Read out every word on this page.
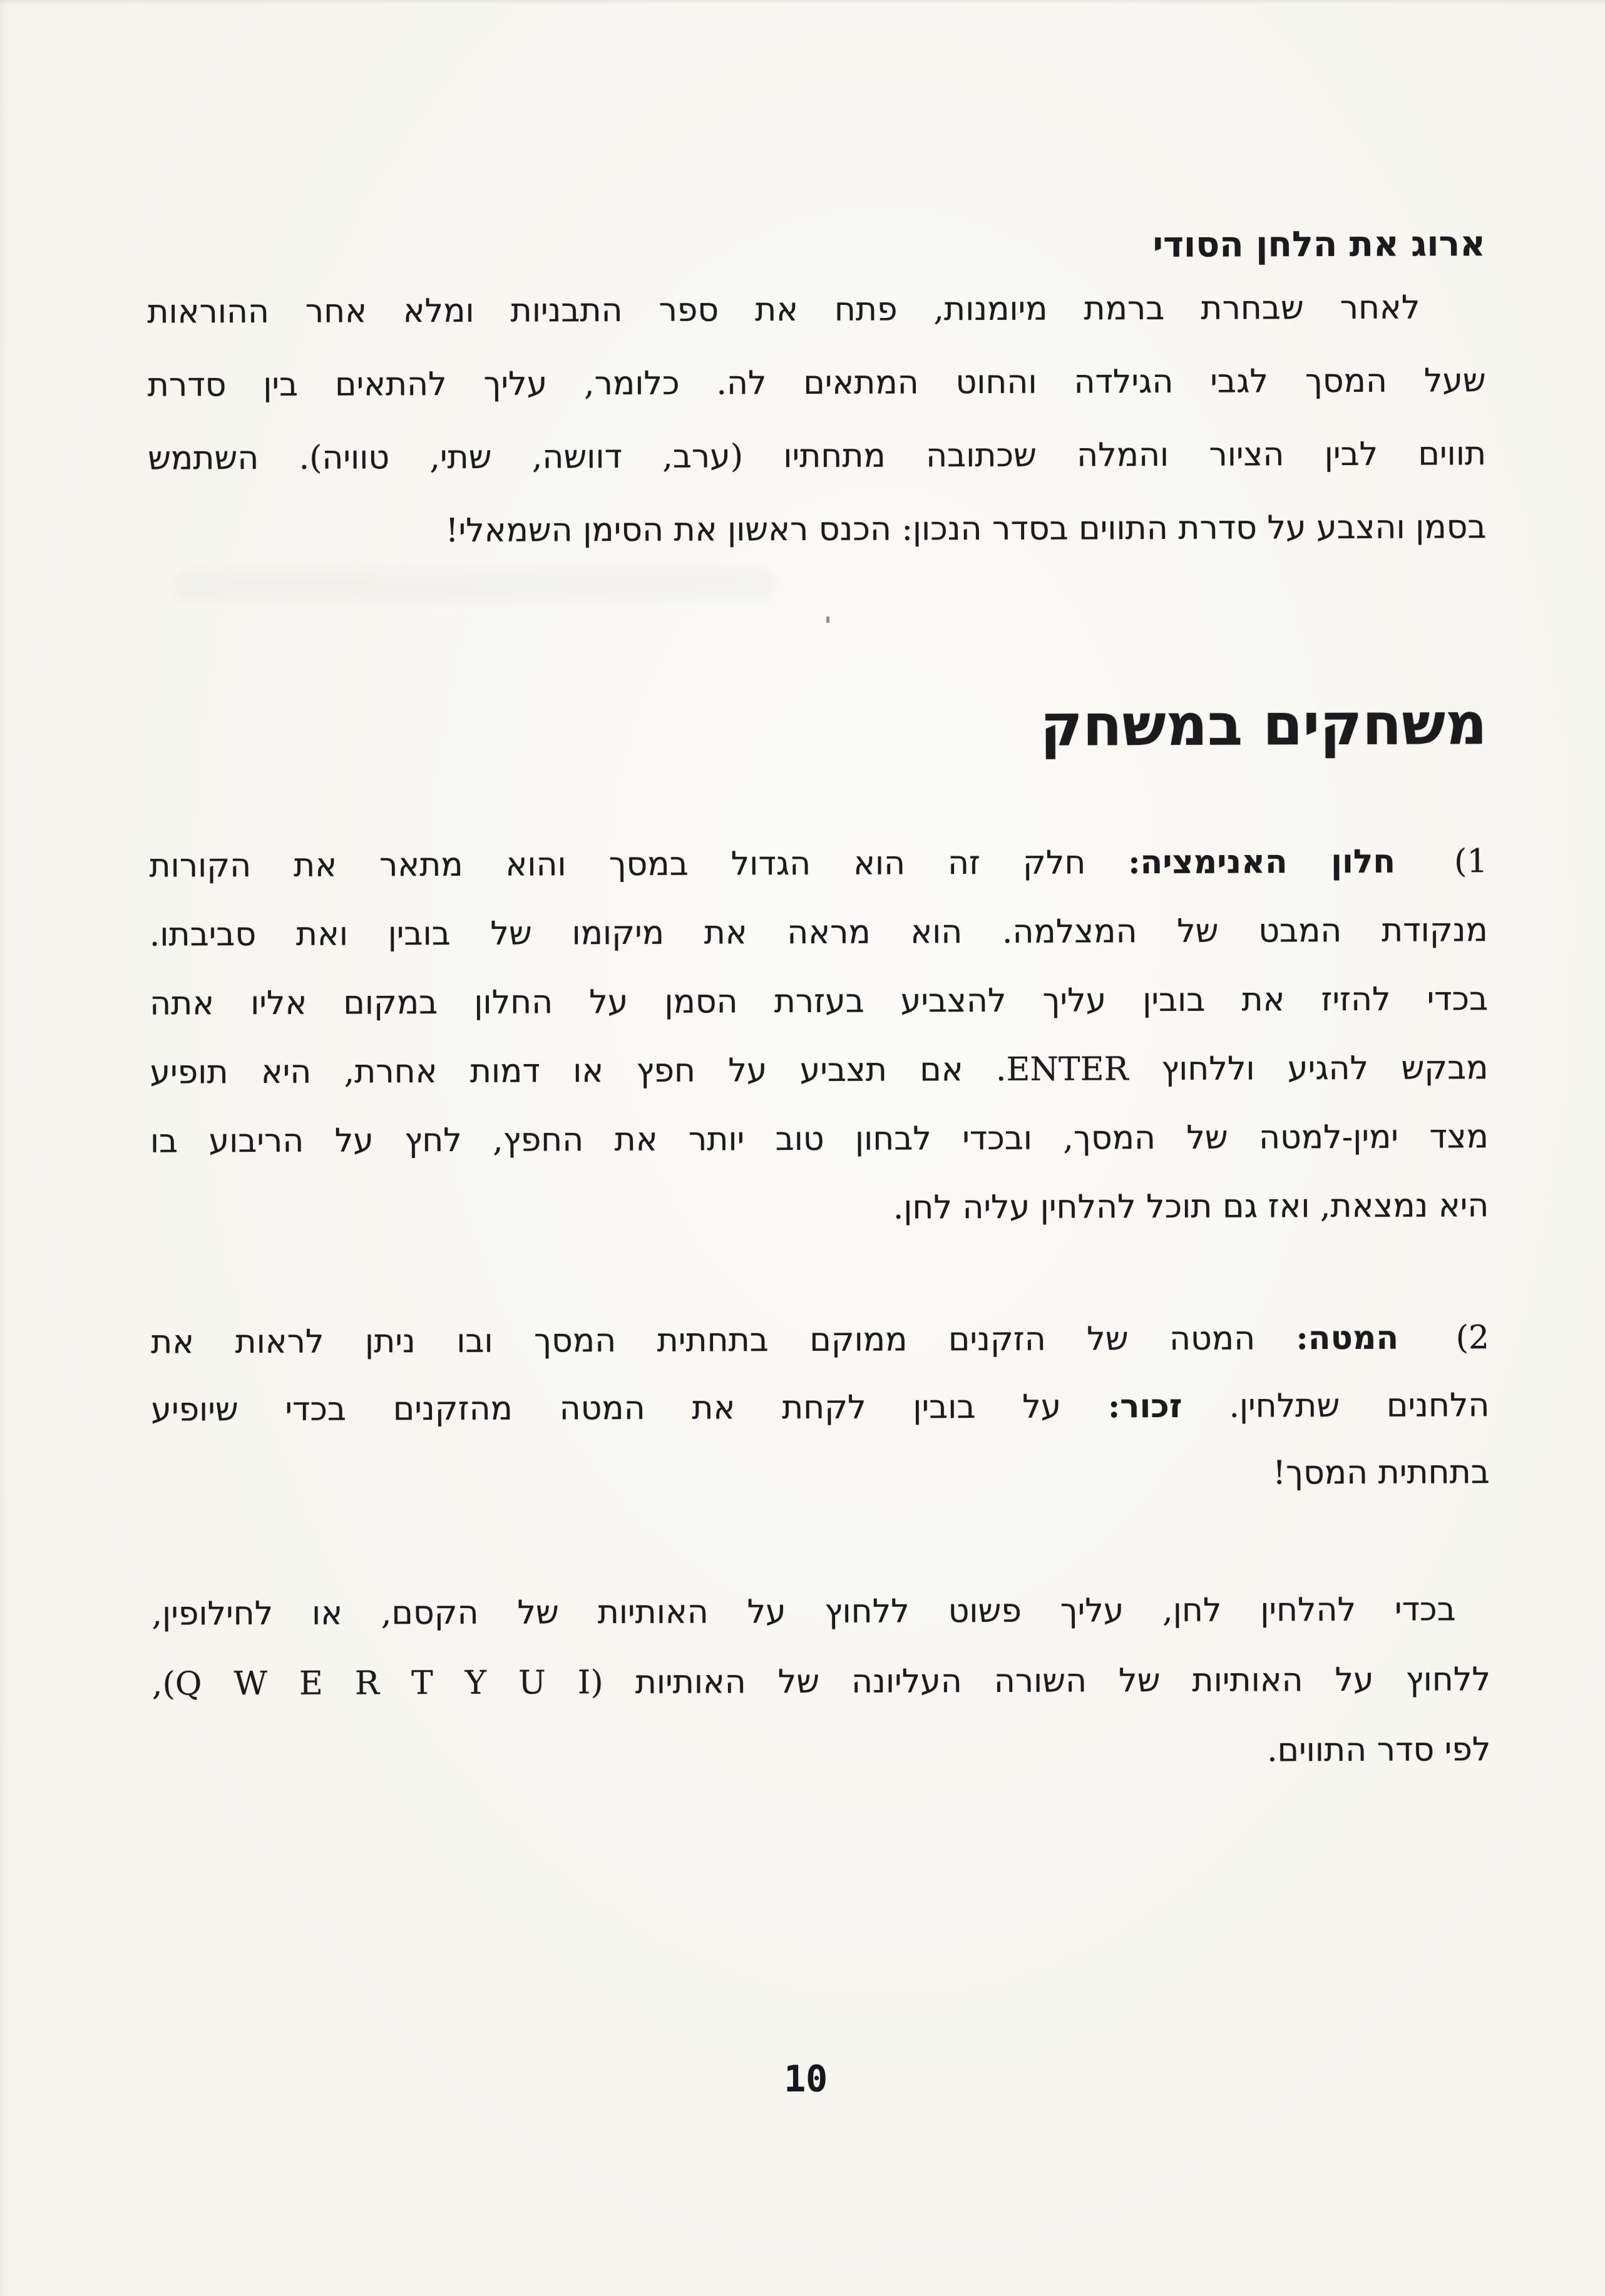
ארוג את הלחן הסודי
לאחר שבחרת ברמת מיומנות, פתח את ספר התבניות ומלא אחר ההוראות
שעל המסך לגבי הגילדה והחוט המתאים לה. כלומר, עליך להתאים בין סדרת
תווים לבין הציור והמלה שכתובה מתחתיו (ערב, דוושה, שתי, טוויה). השתמש
בסמן והצבע על סדרת התווים בסדר הנכון: הכנס ראשון את הסימן השמאלי!
משחקים במשחק
1) חלון האנימציה: חלק זה הוא הגדול במסך והוא מתאר את הקורות
מנקודת המבט של המצלמה. הוא מראה את מיקומו של בובין ואת סביבתו.
בכדי להזיז את בובין עליך להצביע בעזרת הסמן על החלון במקום אליו אתה
מבקש להגיע וללחוץ ENTER. אם תצביע על חפץ או דמות אחרת, היא תופיע
מצד ימין-למטה של המסך, ובכדי לבחון טוב יותר את החפץ, לחץ על הריבוע בו
היא נמצאת, ואז גם תוכל להלחין עליה לחן.
2) המטה: המטה של הזקנים ממוקם בתחתית המסך ובו ניתן לראות את
הלחנים שתלחין. זכור: על בובין לקחת את המטה מהזקנים בכדי שיופיע
בתחתית המסך!
בכדי להלחין לחן, עליך פשוט ללחוץ על האותיות של הקסם, או לחילופין,
ללחוץ על האותיות של השורה העליונה של האותיות (Q W E R T Y U I),
לפי סדר התווים.
10
